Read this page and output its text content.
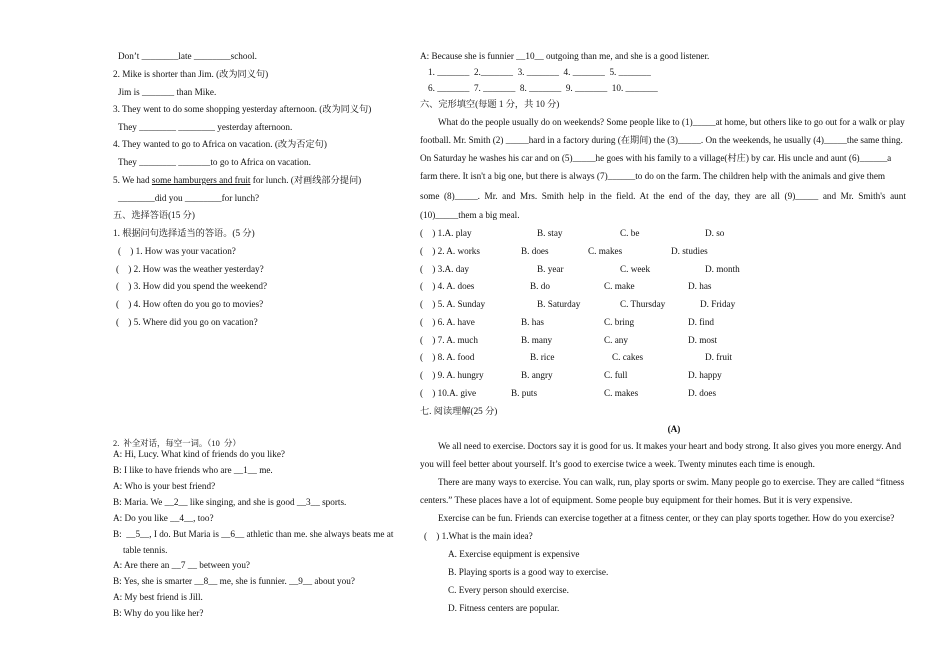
Don’t ________late ________school.
2. Mike is shorter than Jim. (改为同义句)
Jim is _______ than Mike.
3. They went to do some shopping yesterday afternoon. (改为同义句)
They ________ ________ yesterday afternoon.
4. They wanted to go to Africa on vacation. (改为否定句)
They ________ _______to go to Africa on vacation.
5. We had some hamburgers and fruit for lunch. (对画线部分提问)
________did you ________for lunch?
五、选择答语(15 分)
1. 根据问句选择适当的答语。(5 分)
(    ) 1. How was your vacation?
(    ) 2. How was the weather yesterday?
(    ) 3. How did you spend the weekend?
(    ) 4. How often do you go to movies?
(    ) 5. Where did you go on vacation?
2.  补全对话，每空一词。（10  分）
A: Hi, Lucy. What kind of friends do you like?
B: I like to have friends who are __1__ me.
A: Who is your best friend?
B: Maria. We __2__ like singing, and she is good __3__ sports.
A: Do you like __4__, too?
B:  __5__, I do. But Maria is __6__ athletic than me. she always beats me at
table tennis.
A: Are there an __7 __ between you?
B: Yes, she is smarter __8__ me, she is funnier. __9__ about you?
A: My best friend is Jill.
B: Why do you like her?
A: Because she is funnier __10__ outgoing than me, and she is a good listener.
1. _______  2._______  3. _______  4. _______  5. _______
6. _______  7. _______  8. _______  9. _______  10. _______
六、完形填空(每题 1 分，共 10 分)
What do the people usually do on weekends? Some people like to (1)_____at home, but others like to go out for a walk or play
football. Mr. Smith (2) _____hard in a factory during (在期间) the (3)_____. On the weekends, he usually (4)_____the same thing.
On Saturday he washes his car and on (5)_____he goes with his family to a village(村庄) by car. His uncle and aunt (6)______a
farm there. It isn't a big one, but there is always (7)______to do on the farm. The children help with the animals and give them
some  (8)_____.  Mr.  and  Mrs.  Smith  help  in  the  field.  At  the  end  of  the  day,  they  are  all  (9)_____  and  Mr.  Smith's  aunt
(10)_____them a big meal.
(    ) 1.A. play	B. stay	C. be	D. so
(    ) 2. A. works	B. does	C. makes	D. studies
(    ) 3.A. day	B. year	C. week	D. month
(    ) 4. A. does	B. do	C. make	D. has
(    ) 5. A. Sunday	B. Saturday	C. Thursday	D. Friday
(    ) 6. A. have	B. has	C. bring	D. find
(    ) 7. A. much	B. many	C. any	D. most
(    ) 8. A. food	B. rice	C. cakes	D. fruit
(    ) 9. A. hungry	B. angry	C. full	D. happy
(    ) 10.A. give	B. puts	C. makes	D. does
七. 阅读理解(25 分)
(A)
We all need to exercise. Doctors say it is good for us. It makes your heart and body strong. It also gives you more energy. And
you will feel better about yourself. It’s good to exercise twice a week. Twenty minutes each time is enough.
There are many ways to exercise. You can walk, run, play sports or swim. Many people go to exercise. They are called “fitness
centers.” These places have a lot of equipment. Some people buy equipment for their homes. But it is very expensive.
Exercise can be fun. Friends can exercise together at a fitness center, or they can play sports together. How do you exercise?
(    ) 1.What is the main idea?
A. Exercise equipment is expensive
B. Playing sports is a good way to exercise.
C. Every person should exercise.
D. Fitness centers are popular.
